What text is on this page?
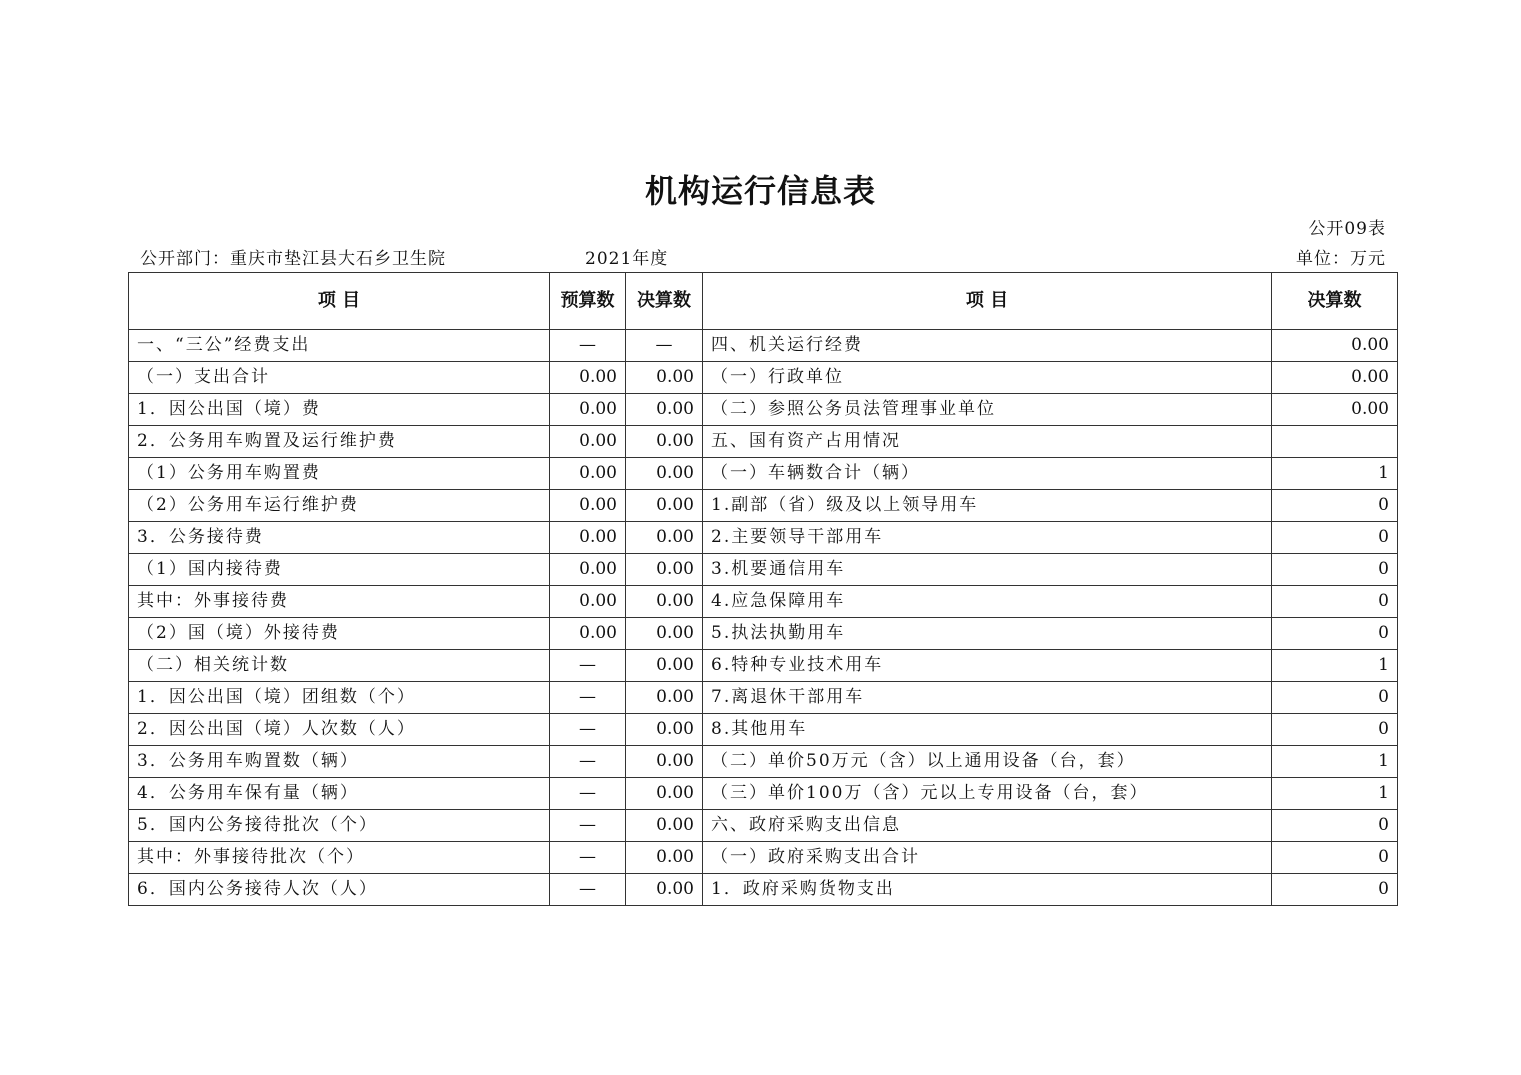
机构运行信息表
公开09表
公开部门：重庆市垫江县大石乡卫生院	2021年度	单位：万元
项 目	预算数	决算数	项 目	决算数
一、“三公”经费支出	—	—	四、机关运行经费	0.00
（一）支出合计	0.00	0.00	（一）行政单位	0.00
1．因公出国（境）费	0.00	0.00	（二）参照公务员法管理事业单位	0.00
2．公务用车购置及运行维护费	0.00	0.00	五、国有资产占用情况	
（1）公务用车购置费	0.00	0.00	（一）车辆数合计（辆）	1
（2）公务用车运行维护费	0.00	0.00	1.副部（省）级及以上领导用车	0
3．公务接待费	0.00	0.00	2.主要领导干部用车	0
（1）国内接待费	0.00	0.00	3.机要通信用车	0
其中：外事接待费	0.00	0.00	4.应急保障用车	0
（2）国（境）外接待费	0.00	0.00	5.执法执勤用车	0
（二）相关统计数	—	0.00	6.特种专业技术用车	1
1．因公出国（境）团组数（个）	—	0.00	7.离退休干部用车	0
2．因公出国（境）人次数（人）	—	0.00	8.其他用车	0
3．公务用车购置数（辆）	—	0.00	（二）单价50万元（含）以上通用设备（台，套）	1
4．公务用车保有量（辆）	—	0.00	（三）单价100万（含）元以上专用设备（台，套）	1
5．国内公务接待批次（个）	—	0.00	六、政府采购支出信息	0
其中：外事接待批次（个）	—	0.00	（一）政府采购支出合计	0
6．国内公务接待人次（人）	—	0.00	1．政府采购货物支出	0
